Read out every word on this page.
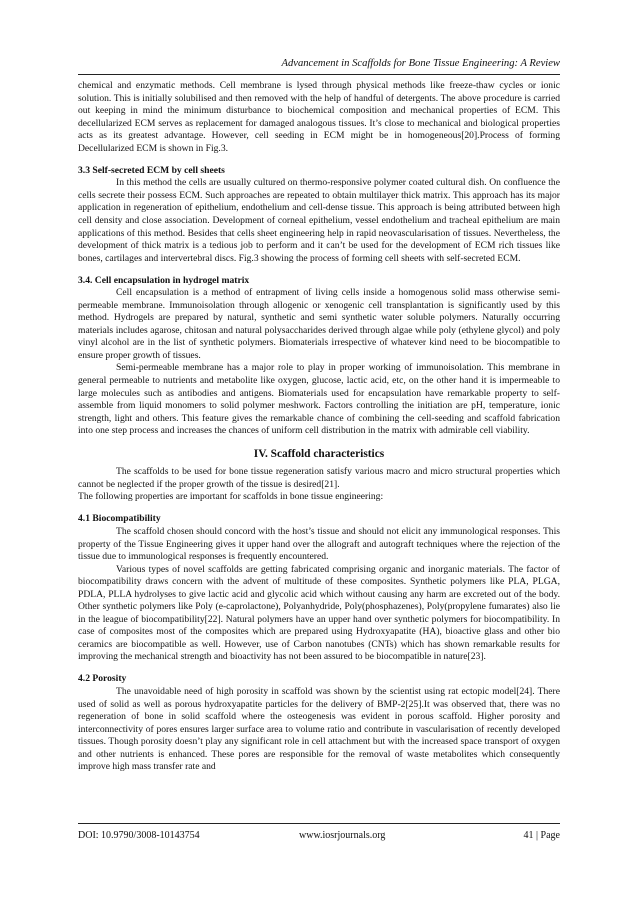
Advancement in Scaffolds for Bone Tissue Engineering: A Review

chemical and enzymatic methods. Cell membrane is lysed through physical methods like freeze-thaw cycles or ionic solution. This is initially solubilised and then removed with the help of handful of detergents. The above procedure is carried out keeping in mind the minimum disturbance to biochemical composition and mechanical properties of ECM. This decellularized ECM serves as replacement for damaged analogous tissues. It’s close to mechanical and biological properties acts as its greatest advantage. However, cell seeding in ECM might be in homogeneous[20].Process of forming Decellularized ECM is shown in Fig.3.

3.3 Self-secreted ECM by cell sheets

In this method the cells are usually cultured on thermo-responsive polymer coated cultural dish. On confluence the cells secrete their possess ECM. Such approaches are repeated to obtain multilayer thick matrix. This approach has its major application in regeneration of epithelium, endothelium and cell-dense tissue. This approach is being attributed between high cell density and close association. Development of corneal epithelium, vessel endothelium and tracheal epithelium are main applications of this method. Besides that cells sheet engineering help in rapid neovascularisation of tissues. Nevertheless, the development of thick matrix is a tedious job to perform and it can’t be used for the development of ECM rich tissues like bones, cartilages and intervertebral discs. Fig.3 showing the process of forming cell sheets with self-secreted ECM.

3.4. Cell encapsulation in hydrogel matrix

Cell encapsulation is a method of entrapment of living cells inside a homogenous solid mass otherwise semi-permeable membrane. Immunoisolation through allogenic or xenogenic cell transplantation is significantly used by this method. Hydrogels are prepared by natural, synthetic and semi synthetic water soluble polymers. Naturally occurring materials includes agarose, chitosan and natural polysaccharides derived through algae while poly (ethylene glycol) and poly vinyl alcohol are in the list of synthetic polymers. Biomaterials irrespective of whatever kind need to be biocompatible to ensure proper growth of tissues.

Semi-permeable membrane has a major role to play in proper working of immunoisolation. This membrane in general permeable to nutrients and metabolite like oxygen, glucose, lactic acid, etc, on the other hand it is impermeable to large molecules such as antibodies and antigens. Biomaterials used for encapsulation have remarkable property to self-assemble from liquid monomers to solid polymer meshwork. Factors controlling the initiation are pH, temperature, ionic strength, light and others. This feature gives the remarkable chance of combining the cell-seeding and scaffold fabrication into one step process and increases the chances of uniform cell distribution in the matrix with admirable cell viability.

IV. Scaffold characteristics

The scaffolds to be used for bone tissue regeneration satisfy various macro and micro structural properties which cannot be neglected if the proper growth of the tissue is desired[21].

The following properties are important for scaffolds in bone tissue engineering:

4.1 Biocompatibility

The scaffold chosen should concord with the host’s tissue and should not elicit any immunological responses. This property of the Tissue Engineering gives it upper hand over the allograft and autograft techniques where the rejection of the tissue due to immunological responses is frequently encountered.

Various types of novel scaffolds are getting fabricated comprising organic and inorganic materials. The factor of biocompatibility draws concern with the advent of multitude of these composites. Synthetic polymers like PLA, PLGA, PDLA, PLLA hydrolyses to give lactic acid and glycolic acid which without causing any harm are excreted out of the body. Other synthetic polymers like Poly (e-caprolactone), Polyanhydride, Poly(phosphazenes), Poly(propylene fumarates) also lie in the league of biocompatibility[22]. Natural polymers have an upper hand over synthetic polymers for biocompatibility. In case of composites most of the composites which are prepared using Hydroxyapatite (HA), bioactive glass and other bio ceramics are biocompatible as well. However, use of Carbon nanotubes (CNTs) which has shown remarkable results for improving the mechanical strength and bioactivity has not been assured to be biocompatible in nature[23].

4.2 Porosity

The unavoidable need of high porosity in scaffold was shown by the scientist using rat ectopic model[24]. There used of solid as well as porous hydroxyapatite particles for the delivery of BMP-2[25].It was observed that, there was no regeneration of bone in solid scaffold where the osteogenesis was evident in porous scaffold. Higher porosity and interconnectivity of pores ensures larger surface area to volume ratio and contribute in vascularisation of recently developed tissues. Though porosity doesn’t play any significant role in cell attachment but with the increased space transport of oxygen and other nutrients is enhanced. These pores are responsible for the removal of waste metabolites which consequently improve high mass transfer rate and

DOI: 10.9790/3008-10143754	www.iosrjournals.org	41 | Page
